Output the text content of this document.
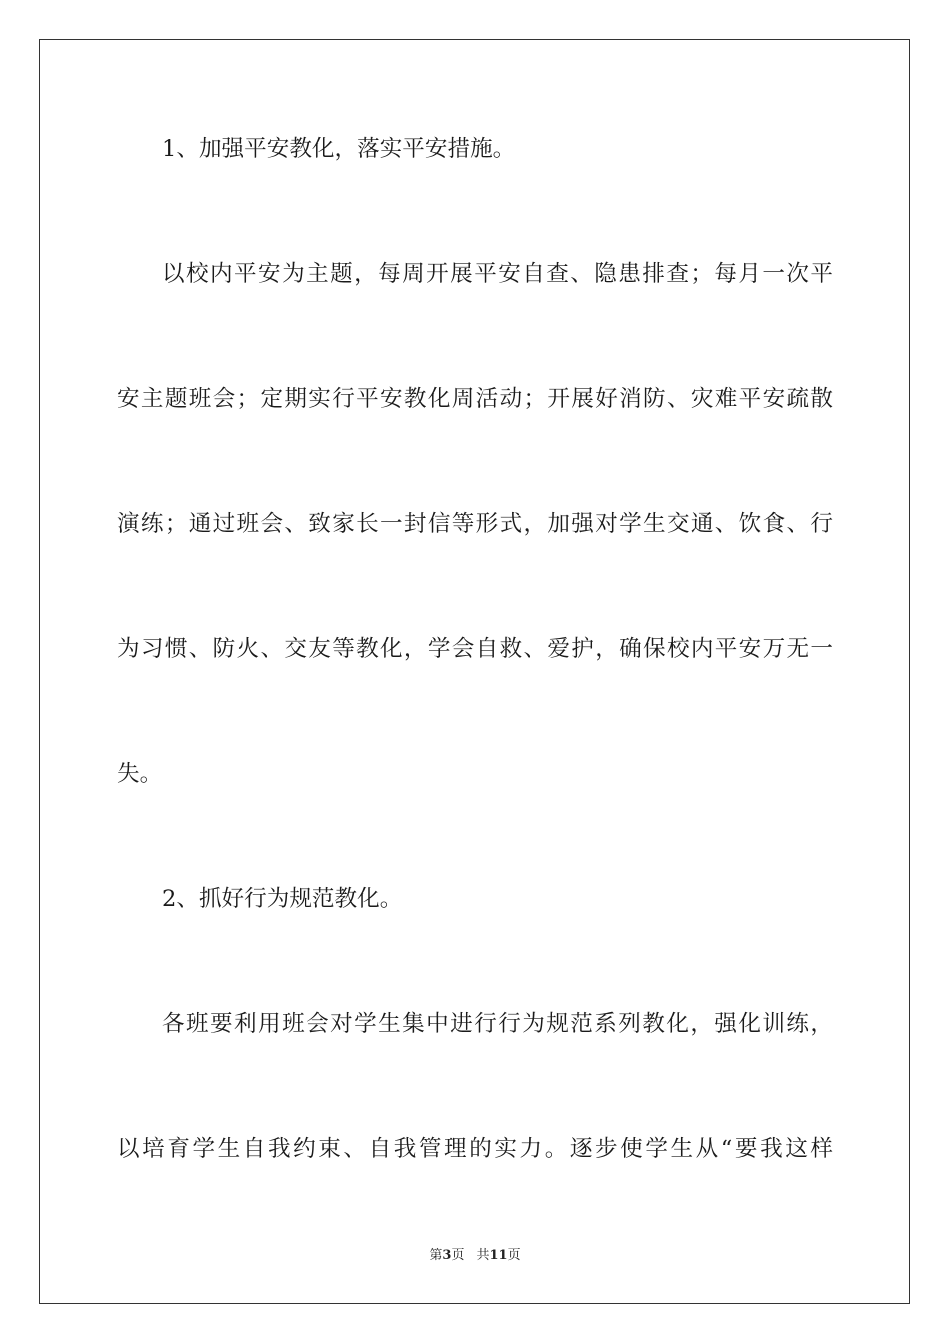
1、加强平安教化，落实平安措施。
以校内平安为主题，每周开展平安自查、隐患排查；每月一次平
安主题班会；定期实行平安教化周活动；开展好消防、灾难平安疏散
演练；通过班会、致家长一封信等形式，加强对学生交通、饮食、行
为习惯、防火、交友等教化，学会自救、爱护，确保校内平安万无一
失。
2、抓好行为规范教化。
各班要利用班会对学生集中进行行为规范系列教化，强化训练，
以培育学生自我约束、自我管理的实力。逐步使学生从“要我这样
第3页 共11页
